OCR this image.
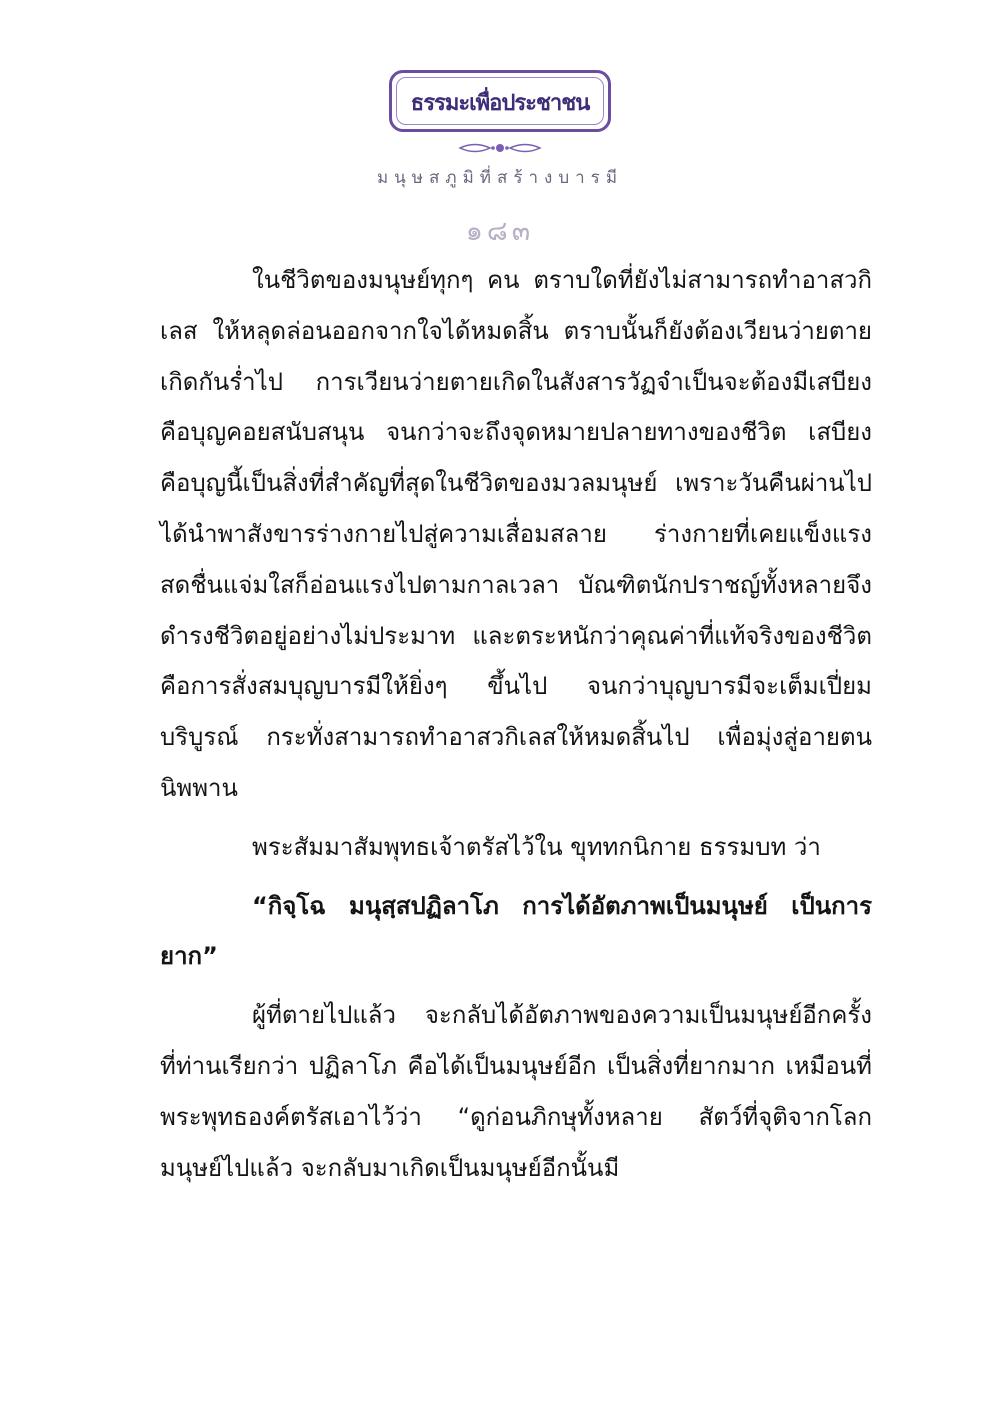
ธรรมะเพื่อประชาชน
มนุษสภูมิที่สร้างบารมี
๑๘๓

ในชีวิตของมนุษย์ทุกๆ คน ตราบใดที่ยังไม่สามารถทำอาสวกิเลส ให้หลุดล่อนออกจากใจได้หมดสิ้น ตราบนั้นก็ยังต้องเวียนว่ายตายเกิดกันร่ำไป การเวียนว่ายตายเกิดในสังสารวัฏจำเป็นจะต้องมีเสบียงคือบุญคอยสนับสนุน จนกว่าจะถึงจุดหมายปลายทางของชีวิต เสบียงคือบุญนี้เป็นสิ่งที่สำคัญที่สุดในชีวิตของมวลมนุษย์ เพราะวันคืนผ่านไป ได้นำพาสังขารร่างกายไปสู่ความเสื่อมสลาย ร่างกายที่เคยแข็งแรง สดชื่นแจ่มใสก็อ่อนแรงไปตามกาลเวลา บัณฑิตนักปราชญ์ทั้งหลายจึงดำรงชีวิตอยู่อย่างไม่ประมาท และตระหนักว่าคุณค่าที่แท้จริงของชีวิตคือการสั่งสมบุญบารมีให้ยิ่งๆ ขึ้นไป จนกว่าบุญบารมีจะเต็มเปี่ยมบริบูรณ์ กระทั่งสามารถทำอาสวกิเลสให้หมดสิ้นไป เพื่อมุ่งสู่อายตนนิพพาน

พระสัมมาสัมพุทธเจ้าตรัสไว้ใน ขุททกนิกาย ธรรมบท ว่า

“กิจฺโฉ มนุสฺสปฏิลาโภ การได้อัตภาพเป็นมนุษย์ เป็นการยาก”

ผู้ที่ตายไปแล้ว จะกลับได้อัตภาพของความเป็นมนุษย์อีกครั้ง ที่ท่านเรียกว่า ปฏิลาโภ คือได้เป็นมนุษย์อีก เป็นสิ่งที่ยากมาก เหมือนที่พระพุทธองค์ตรัสเอาไว้ว่า “ดูก่อนภิกษุทั้งหลาย สัตว์ที่จุติจากโลกมนุษย์ไปแล้ว จะกลับมาเกิดเป็นมนุษย์อีกนั้นมี
